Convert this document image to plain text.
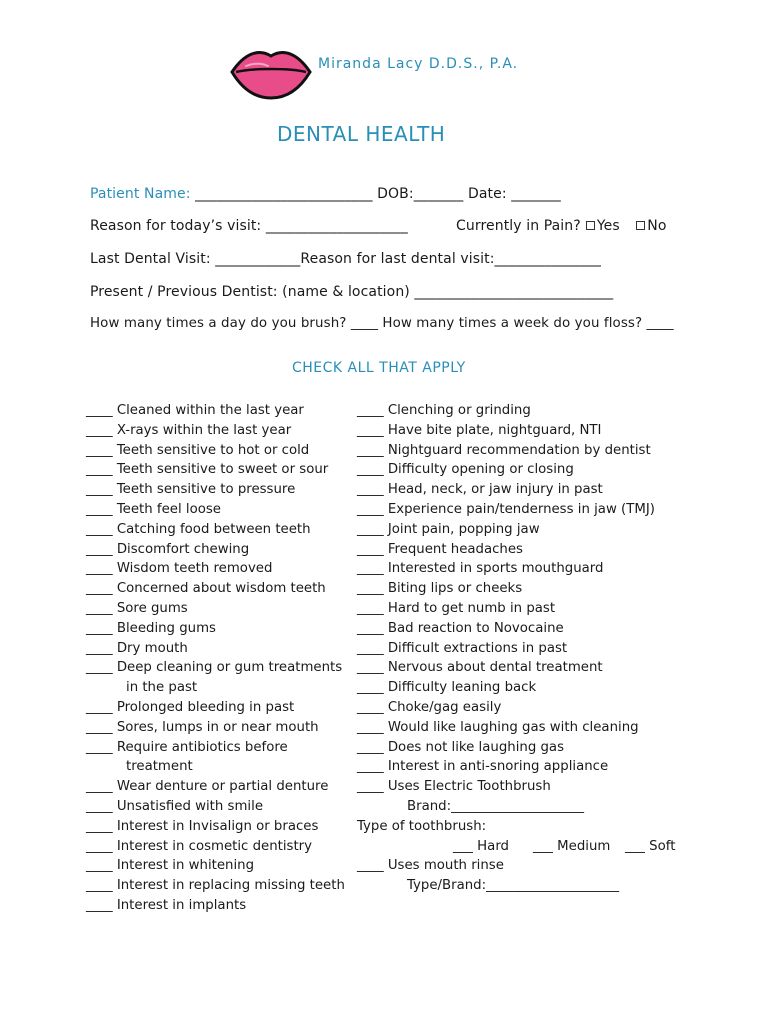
Miranda Lacy D.D.S., P.A.
DENTAL HEALTH
Patient Name: _________________________ DOB:_______ Date: _______
Reason for today’s visit: ____________________	Currently in Pain? Yes No
Last Dental Visit: ____________Reason for last dental visit:_______________
Present / Previous Dentist: (name & location) ____________________________
How many times a day do you brush? ____ How many times a week do you floss? ____
CHECK ALL THAT APPLY
____ Cleaned within the last year
____ X-rays within the last year
____ Teeth sensitive to hot or cold
____ Teeth sensitive to sweet or sour
____ Teeth sensitive to pressure
____ Teeth feel loose
____ Catching food between teeth
____ Discomfort chewing
____ Wisdom teeth removed
____ Concerned about wisdom teeth
____ Sore gums
____ Bleeding gums
____ Dry mouth
____ Deep cleaning or gum treatments
in the past
____ Prolonged bleeding in past
____ Sores, lumps in or near mouth
____ Require antibiotics before
treatment
____ Wear denture or partial denture
____ Unsatisfied with smile
____ Interest in Invisalign or braces
____ Interest in cosmetic dentistry
____ Interest in whitening
____ Interest in replacing missing teeth
____ Interest in implants
____ Clenching or grinding
____ Have bite plate, nightguard, NTI
____ Nightguard recommendation by dentist
____ Difficulty opening or closing
____ Head, neck, or jaw injury in past
____ Experience pain/tenderness in jaw (TMJ)
____ Joint pain, popping jaw
____ Frequent headaches
____ Interested in sports mouthguard
____ Biting lips or cheeks
____ Hard to get numb in past
____ Bad reaction to Novocaine
____ Difficult extractions in past
____ Nervous about dental treatment
____ Difficulty leaning back
____ Choke/gag easily
____ Would like laughing gas with cleaning
____ Does not like laughing gas
____ Interest in anti-snoring appliance
____ Uses Electric Toothbrush
Brand:____________________
Type of toothbrush:
___ Hard ___ Medium ___ Soft
____ Uses mouth rinse
Type/Brand:____________________
